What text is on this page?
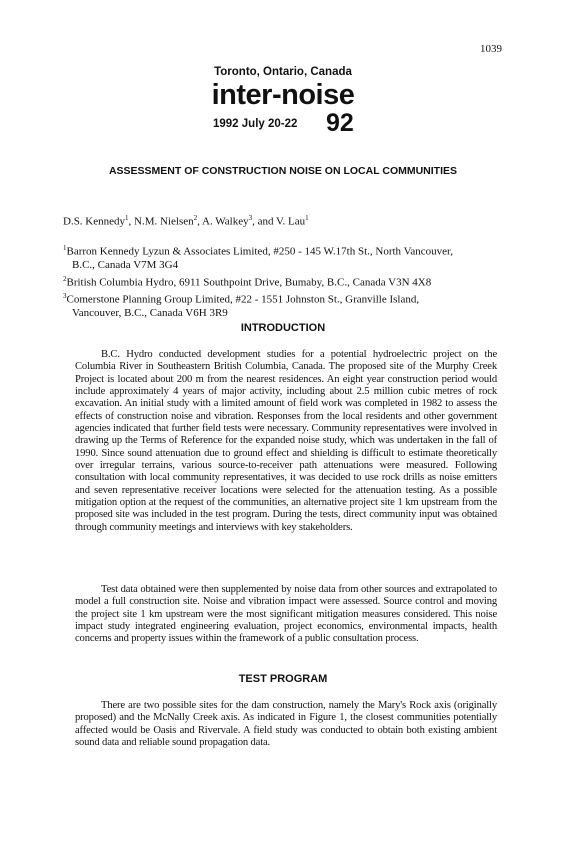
1039
Toronto, Ontario, Canada
inter-noise
1992 July 20-22 92
ASSESSMENT OF CONSTRUCTION NOISE ON LOCAL COMMUNITIES
D.S. Kennedy$^1$, N.M. Nielsen$^2$, A. Walkey$^3$, and V. Lau$^1$

$^1$Barron Kennedy Lyzun & Associates Limited, #250 - 145 W.17th St., North Vancouver,

B.C., Canada V7M 3G4

$^2$British Columbia Hydro, 6911 Southpoint Drive, Bumaby, B.C., Canada V3N 4X8

$^3$Comerstone Planning Group Limited, #22 - 1551 Johnston St., Granville Island,

Vancouver, B.C., Canada V6H 3R9

INTRODUCTION

B.C. Hydro conducted development studies for a potential hydroelectric project on the Columbia River in Southeastern British Columbia, Canada. The proposed site of the Murphy Creek Project is located about 200 m from the nearest residences. An eight year construction period would include approximately 4 years of major activity, including about 2.5 million cubic metres of rock excavation. An initial study with a limited amount of field work was completed in 1982 to assess the effects of construction noise and vibration. Responses from the local residents and other government agencies indicated that further field tests were necessary. Community representatives were involved in drawing up the Terms of Reference for the expanded noise study, which was undertaken in the fall of 1990. Since sound attenuation due to ground effect and shielding is difficult to estimate theoretically over irregular terrains, various source-to-receiver path attenuations were measured. Following consultation with local community representatives, it was decided to use rock drills as noise emitters and seven representative receiver locations were selected for the attenuation testing. As a possible mitigation option at the request of the communities, an alternative project site 1 km upstream from the proposed site was included in the test program. During the tests, direct community input was obtained through community meetings and interviews with key stakeholders.

Test data obtained were then supplemented by noise data from other sources and extrapolated to model a full construction site. Noise and vibration impact were assessed. Source control and moving the project site 1 km upstream were the most significant mitigation measures considered. This noise impact study integrated engineering evaluation, project economics, environmental impacts, health concerns and property issues within the framework of a public consultation process.

TEST PROGRAM

There are two possible sites for the dam construction, namely the Mary's Rock axis (originally proposed) and the McNally Creek axis. As indicated in Figure 1, the closest communities potentially affected would be Oasis and Rivervale. A field study was conducted to obtain both existing ambient sound data and reliable sound propagation data.
